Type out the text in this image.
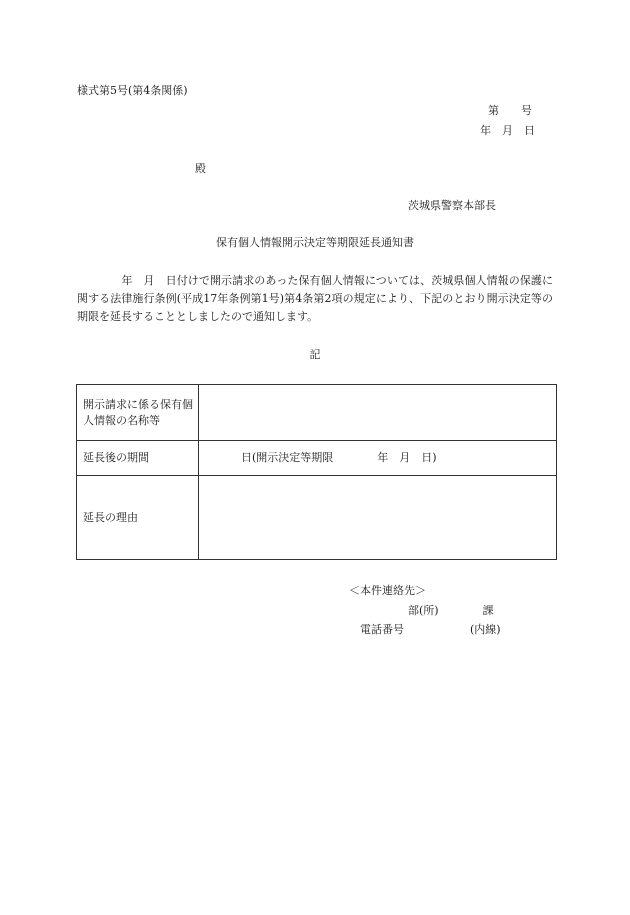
様式第5号(第4条関係)
第　　号
年　月　日
殿
茨城県警察本部長
保有個人情報開示決定等期限延長通知書
　　　　年　月　日付けで開示請求のあった保有個人情報については、茨城県個人情報の保護に関する法律施行条例(平成17年条例第1号)第4条第2項の規定により、下記のとおり開示決定等の期限を延長することとしましたので通知します。
記
開示請求に係る保有個人情報の名称等	

延長後の期間	日(開示決定等期限　　　　年　月　日)

延長の理由	

＜本件連絡先＞
部(所)　　　　課
電話番号　　　　　　(内線)
